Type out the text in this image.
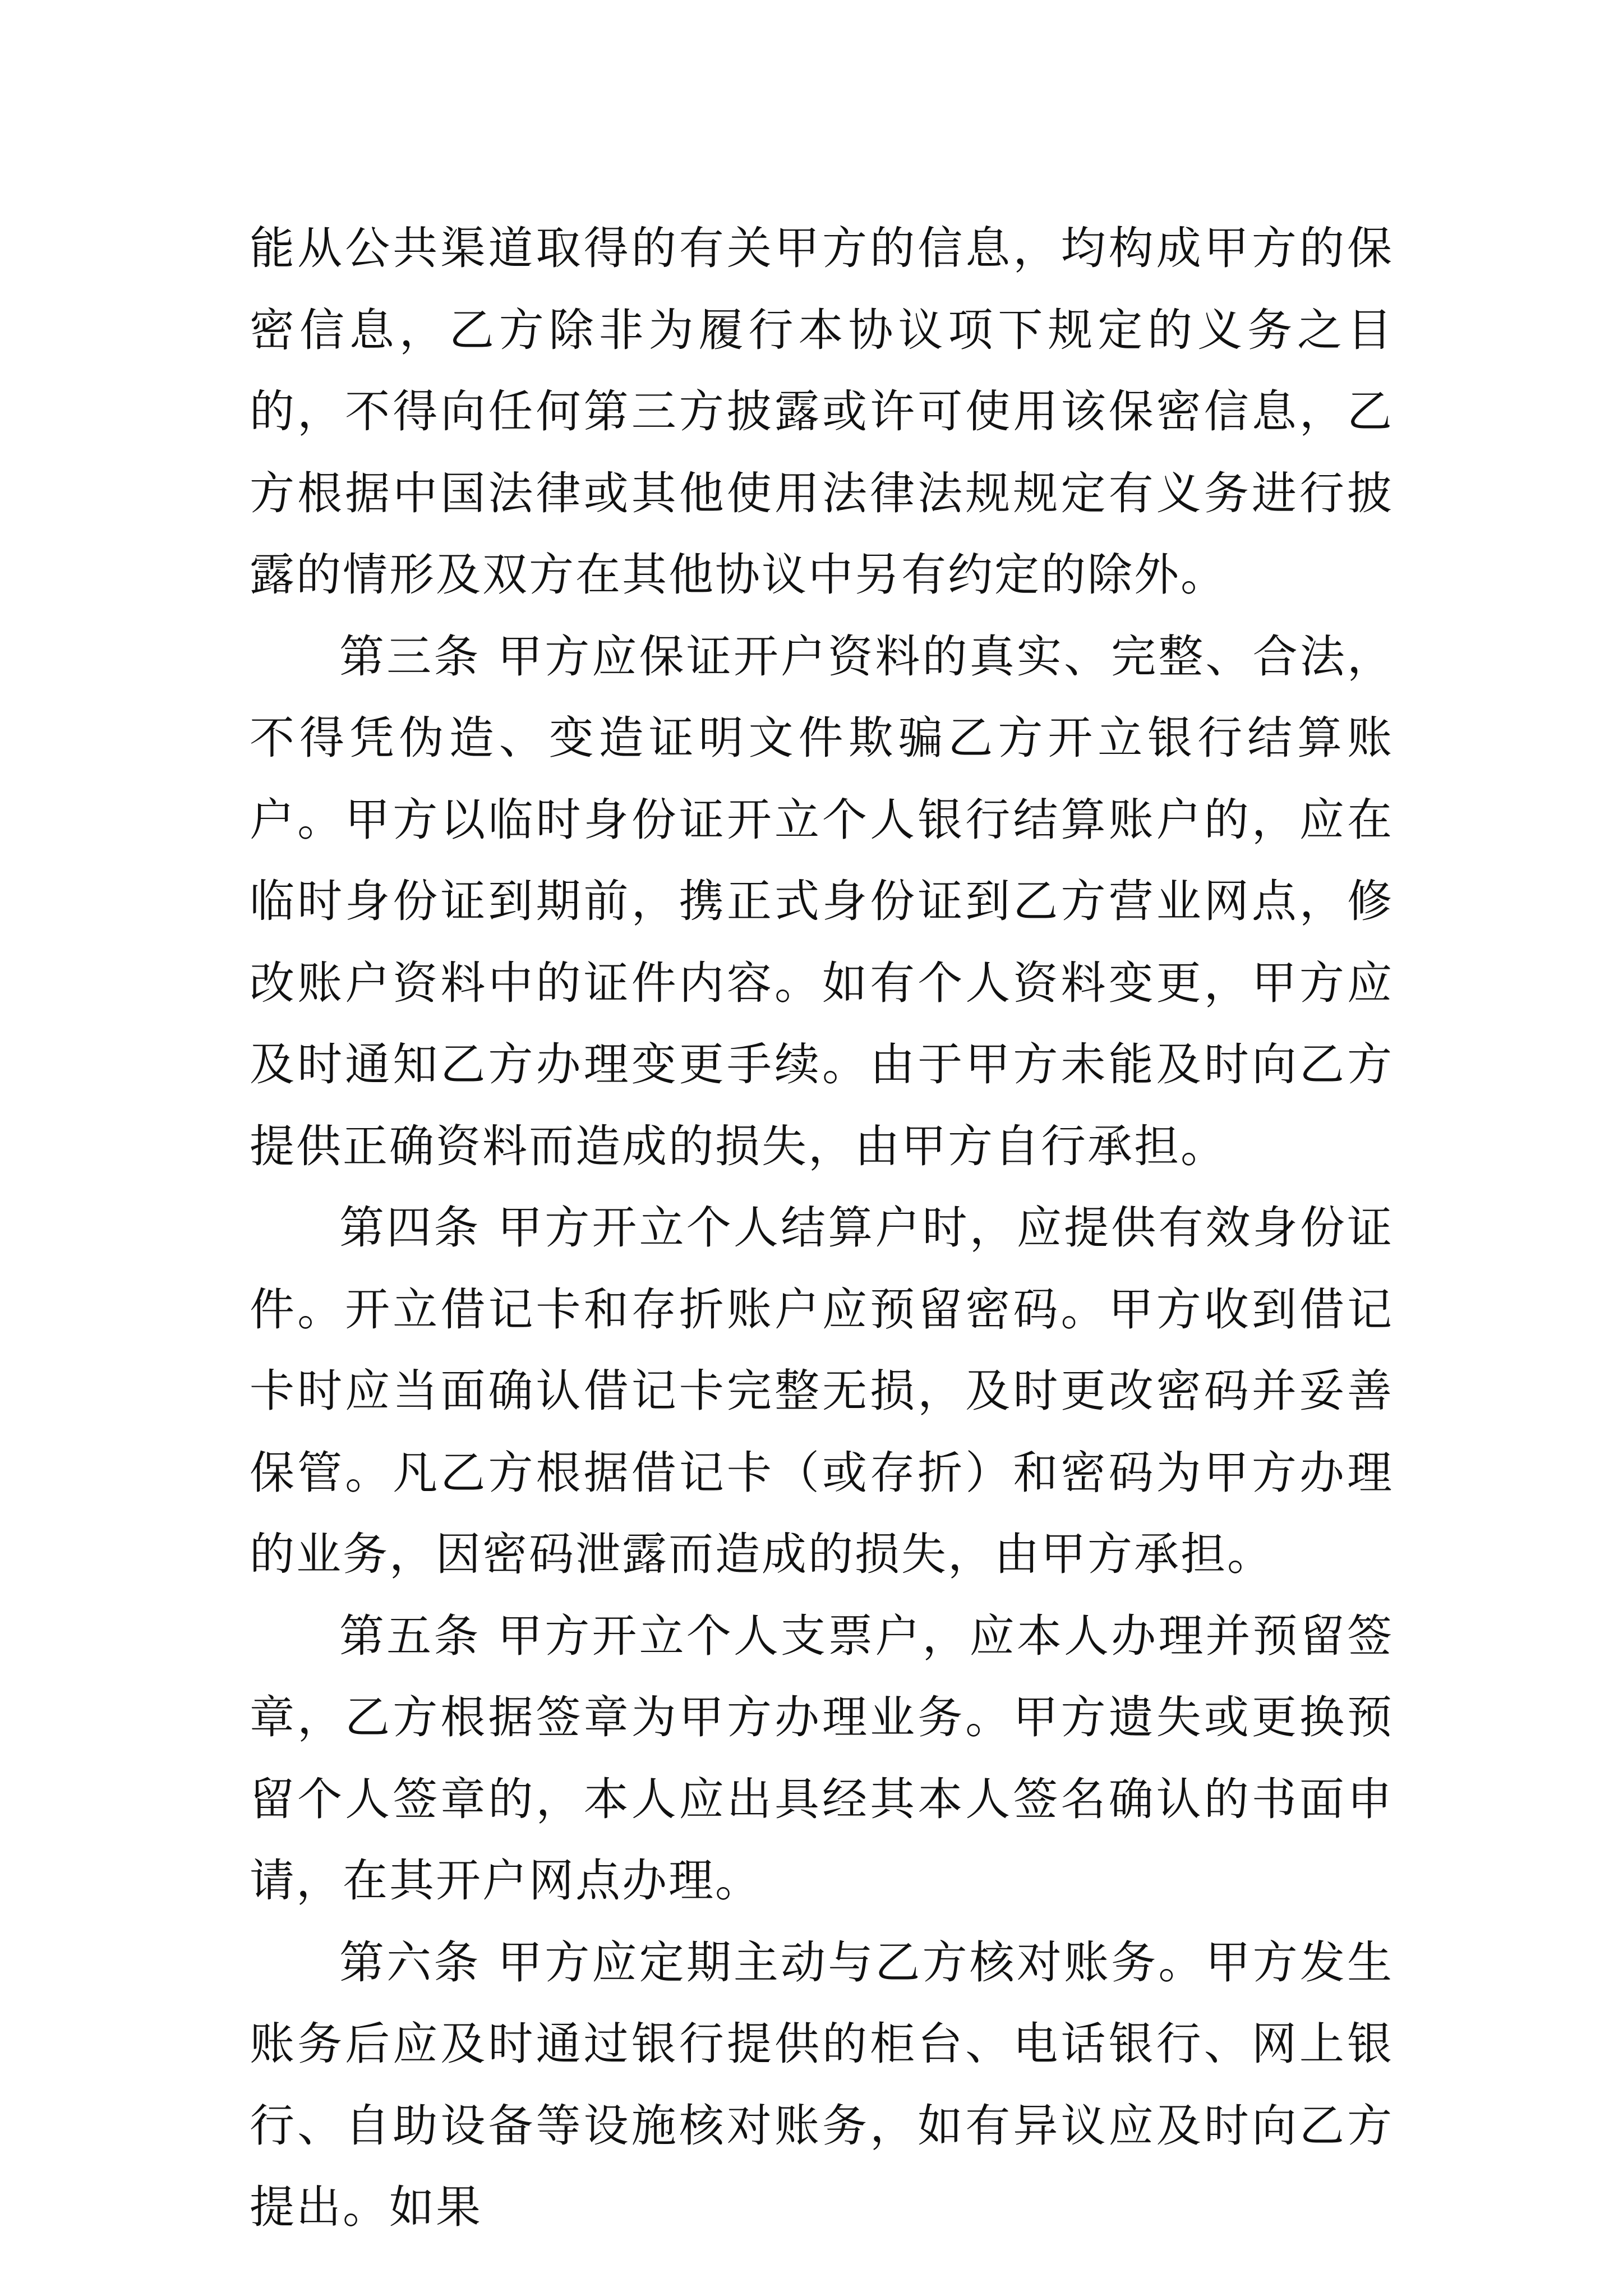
能从公共渠道取得的有关甲方的信息，均构成甲方的保密信息，乙方除非为履行本协议项下规定的义务之目的，不得向任何第三方披露或许可使用该保密信息，乙方根据中国法律或其他使用法律法规规定有义务进行披露的情形及双方在其他协议中另有约定的除外。

第三条 甲方应保证开户资料的真实、完整、合法，不得凭伪造、变造证明文件欺骗乙方开立银行结算账户。甲方以临时身份证开立个人银行结算账户的，应在临时身份证到期前，携正式身份证到乙方营业网点，修改账户资料中的证件内容。如有个人资料变更，甲方应及时通知乙方办理变更手续。由于甲方未能及时向乙方提供正确资料而造成的损失，由甲方自行承担。

第四条 甲方开立个人结算户时，应提供有效身份证件。开立借记卡和存折账户应预留密码。甲方收到借记卡时应当面确认借记卡完整无损，及时更改密码并妥善保管。凡乙方根据借记卡（或存折）和密码为甲方办理的业务，因密码泄露而造成的损失，由甲方承担。

第五条 甲方开立个人支票户，应本人办理并预留签章，乙方根据签章为甲方办理业务。甲方遗失或更换预留个人签章的，本人应出具经其本人签名确认的书面申请，在其开户网点办理。

第六条 甲方应定期主动与乙方核对账务。甲方发生账务后应及时通过银行提供的柜台、电话银行、网上银行、自助设备等设施核对账务，如有异议应及时向乙方提出。如果
